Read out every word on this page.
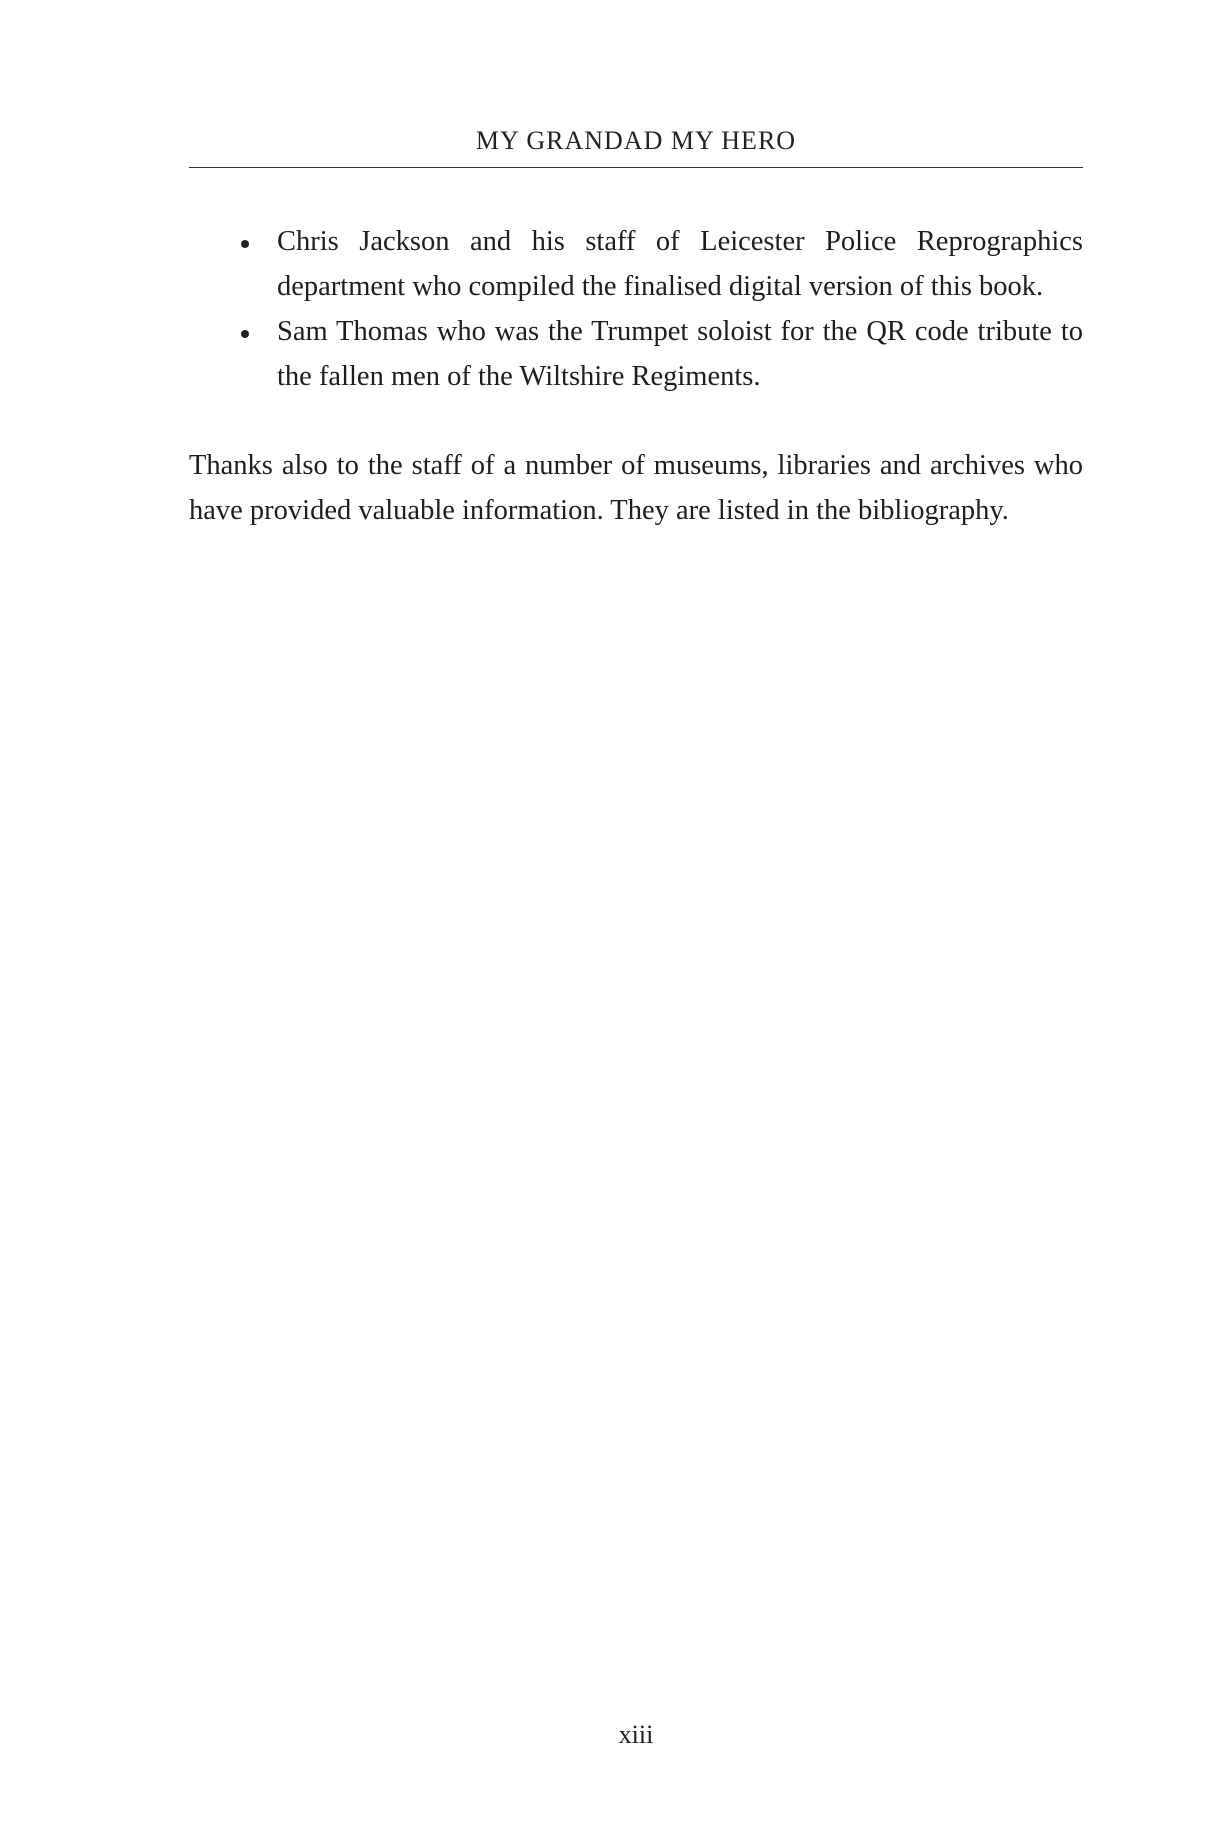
MY GRANDAD MY HERO
Chris Jackson and his staff of Leicester Police Reprographics department who compiled the finalised digital version of this book.
Sam Thomas who was the Trumpet soloist for the QR code tribute to the fallen men of the Wiltshire Regiments.

Thanks also to the staff of a number of museums, libraries and archives who have provided valuable information. They are listed in the bibliography.

xiii
